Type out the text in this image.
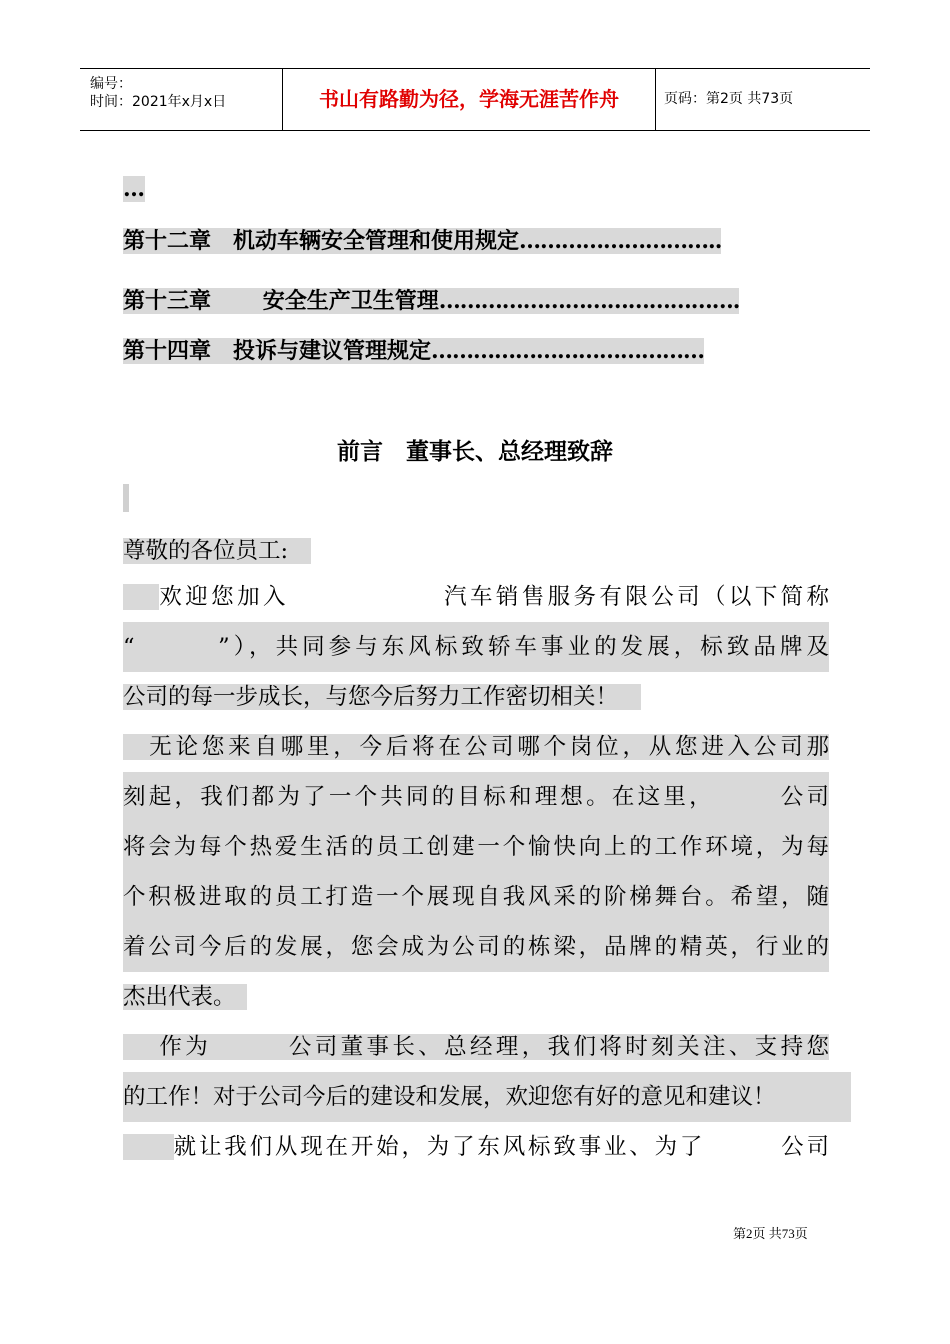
编号：
时间：2021年x月x日	书山有路勤为径，学海无涯苦作舟	页码：第2页 共73页
…
第十二章　 机动车辆安全管理和使用规定………………………..
第十三章　　 安全生产卫生管理…………………………………….
第十四章　 投诉与建议管理规定…………………………………
前言　董事长、总经理致辞
尊敬的各位员工:　
　 欢迎您加入　　　　　　汽车销售服务有限公司（以下简称
“　　　”），共同参与东风标致轿车事业的发展，标致品牌及
公司的每一步成长，与您今后努力工作密切相关！　
　无论您来自哪里，今后将在公司哪个岗位，从您进入公司那
刻起，我们都为了一个共同的目标和理想。在这里，　　　公司
将会为每个热爱生活的员工创建一个愉快向上的工作环境，为每
个积极进取的员工打造一个展现自我风采的阶梯舞台。希望，随
着公司今后的发展，您会成为公司的栋梁，品牌的精英，行业的
杰出代表。　
　 作为　　　公司董事长、总经理，我们将时刻关注、支持您
的工作！对于公司今后的建设和发展，欢迎您有好的意见和建议！
　　就让我们从现在开始，为了东风标致事业、为了　　　公司
第2页 共73页
